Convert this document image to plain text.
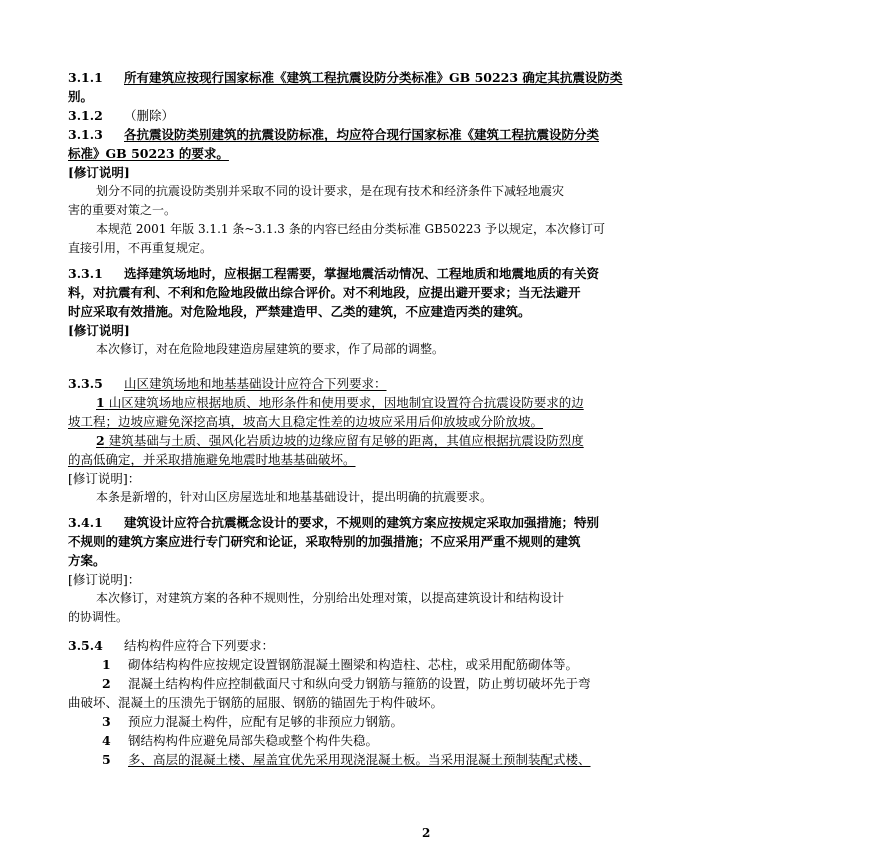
3.1.1 所有建筑应按现行国家标准《建筑工程抗震设防分类标准》GB 50223 确定其抗震设防类
别。
3.1.2 （删除）
3.1.3 各抗震设防类别建筑的抗震设防标准，均应符合现行国家标准《建筑工程抗震设防分类
标准》GB 50223 的要求。
[修订说明]
划分不同的抗震设防类别并采取不同的设计要求，是在现有技术和经济条件下减轻地震灾
害的重要对策之一。
本规范 2001 年版 3.1.1 条~3.1.3 条的内容已经由分类标准 GB50223 予以规定，本次修订可
直接引用，不再重复规定。
3.3.1 选择建筑场地时，应根据工程需要，掌握地震活动情况、工程地质和地震地质的有关资
料，对抗震有利、不利和危险地段做出综合评价。对不利地段，应提出避开要求；当无法避开
时应采取有效措施。对危险地段，严禁建造甲、乙类的建筑，不应建造丙类的建筑。
[修订说明]
本次修订，对在危险地段建造房屋建筑的要求，作了局部的调整。
3.3.5 山区建筑场地和地基基础设计应符合下列要求：
1 山区建筑场地应根据地质、地形条件和使用要求，因地制宜设置符合抗震设防要求的边
坡工程；边坡应避免深挖高填，坡高大且稳定性差的边坡应采用后仰放坡或分阶放坡。
2 建筑基础与土质、强风化岩质边坡的边缘应留有足够的距离，其值应根据抗震设防烈度
的高低确定，并采取措施避免地震时地基基础破坏。
[修订说明]：
本条是新增的，针对山区房屋选址和地基基础设计，提出明确的抗震要求。
3.4.1 建筑设计应符合抗震概念设计的要求，不规则的建筑方案应按规定采取加强措施；特别
不规则的建筑方案应进行专门研究和论证，采取特别的加强措施；不应采用严重不规则的建筑
方案。
[修订说明]：
本次修订，对建筑方案的各种不规则性，分别给出处理对策，以提高建筑设计和结构设计
的协调性。
3.5.4 结构构件应符合下列要求：
1 砌体结构构件应按规定设置钢筋混凝土圈梁和构造柱、芯柱，或采用配筋砌体等。
2 混凝土结构构件应控制截面尺寸和纵向受力钢筋与箍筋的设置，防止剪切破坏先于弯
曲破坏、混凝土的压溃先于钢筋的屈服、钢筋的锚固先于构件破坏。
3 预应力混凝土构件，应配有足够的非预应力钢筋。
4 钢结构构件应避免局部失稳或整个构件失稳。
5 多、高层的混凝土楼、屋盖宜优先采用现浇混凝土板。当采用混凝土预制装配式楼、
2
